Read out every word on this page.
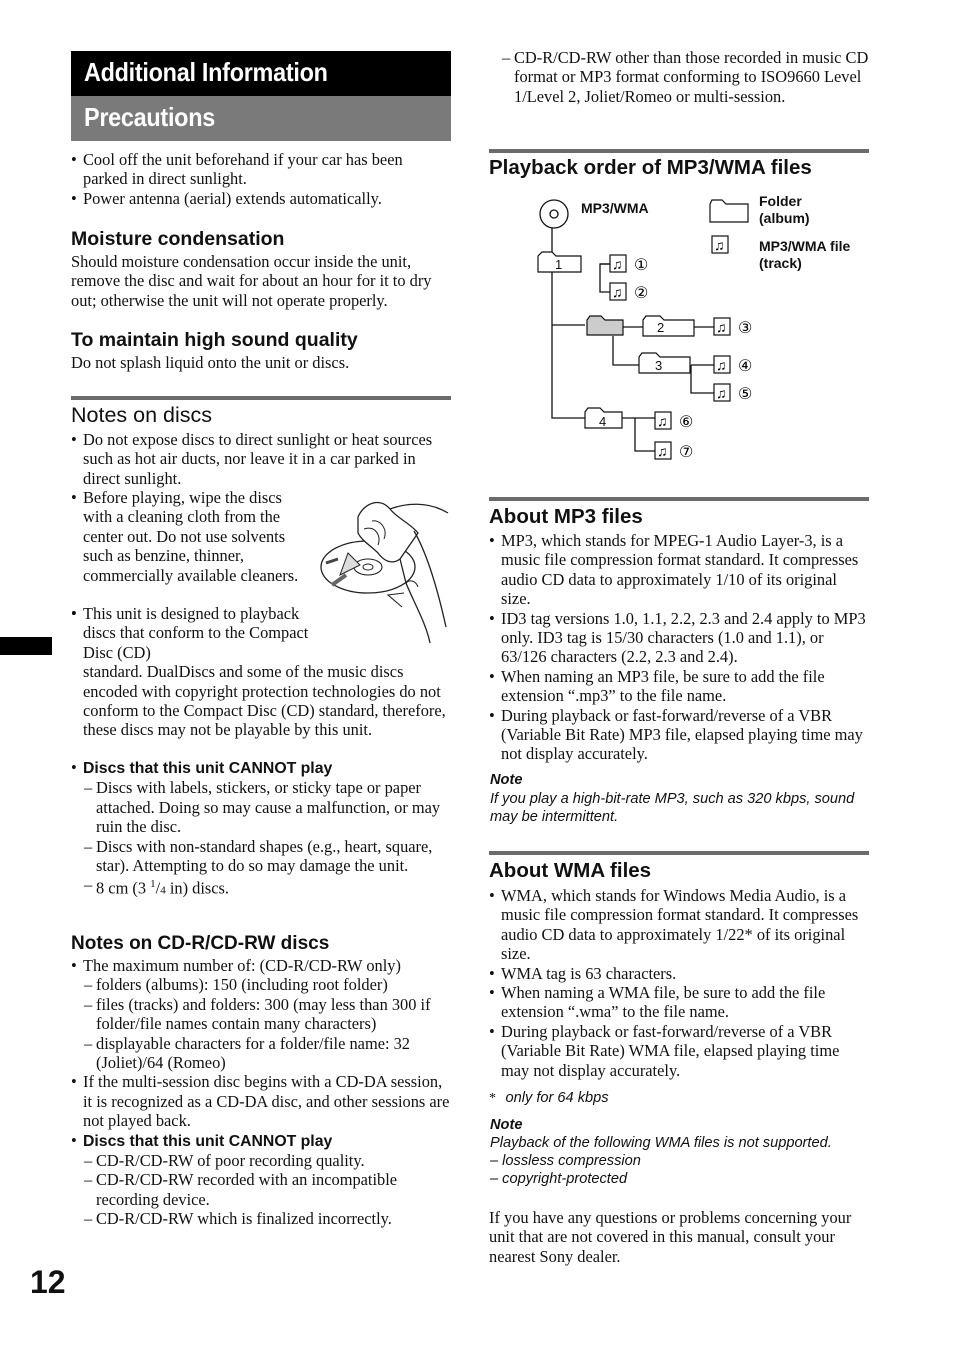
Additional Information
Precautions
12
• Cool off the unit beforehand if your car has been parked in direct sunlight.
• Power antenna (aerial) extends automatically.
Moisture condensation
Should moisture condensation occur inside the unit, remove the disc and wait for about an hour for it to dry out; otherwise the unit will not operate properly.
To maintain high sound quality
Do not splash liquid onto the unit or discs.
Notes on discs
• Do not expose discs to direct sunlight or heat sources such as hot air ducts, nor leave it in a car parked in direct sunlight.
• Before playing, wipe the discs with a cleaning cloth from the center out. Do not use solvents such as benzine, thinner, commercially available cleaners.
•
This unit is designed to playback discs that conform to the Compact Disc (CD)
standard. DualDiscs and some of the music discs encoded with copyright protection technologies do not conform to the Compact Disc (CD) standard, therefore, these discs may not be playable by this unit.
•
• Discs that this unit CANNOT play
– Discs with labels, stickers, or sticky tape or paper attached. Doing so may cause a malfunction, or may ruin the disc.
– Discs with non-standard shapes (e.g., heart, square, star). Attempting to do so may damage the unit.
– 8 cm (3 $^1$/4 in) discs.
Notes on CD-R/CD-RW discs
• The maximum number of: (CD-R/CD-RW only)
– folders (albums): 150 (including root folder)
– files (tracks) and folders: 300 (may less than 300 if folder/file names contain many characters)
– displayable characters for a folder/file name: 32 (Joliet)/64 (Romeo)
• If the multi-session disc begins with a CD-DA session, it is recognized as a CD-DA disc, and other sessions are not played back.
• Discs that this unit CANNOT play
– CD-R/CD-RW of poor recording quality.
– CD-R/CD-RW recorded with an incompatible recording device.
– CD-R/CD-RW which is finalized incorrectly.
– CD-R/CD-RW other than those recorded in music CD format or MP3 format conforming to ISO9660 Level 1/Level 2, Joliet/Romeo or multi-session.
Playback order of MP3/WMA files
♫ ①
♫ ②
♫ ③
♫ ④
♫ ⑤
♫ ⑥
♫ ⑦
♫
1
2
3
4
MP3/WMA	Folder
(album)
MP3/WMA file
(track)
About MP3 files
• MP3, which stands for MPEG-1 Audio Layer-3, is a music file compression format standard. It compresses audio CD data to approximately 1/10 of its original size.
• ID3 tag versions 1.0, 1.1, 2.2, 2.3 and 2.4 apply to MP3 only. ID3 tag is 15/30 characters (1.0 and 1.1), or 63/126 characters (2.2, 2.3 and 2.4).
• When naming an MP3 file, be sure to add the file extension “.mp3” to the file name.
• During playback or fast-forward/reverse of a VBR (Variable Bit Rate) MP3 file, elapsed playing time may not display accurately.
Note
If you play a high-bit-rate MP3, such as 320 kbps, sound may be intermittent.
About WMA files
• WMA, which stands for Windows Media Audio, is a music file compression format standard. It compresses audio CD data to approximately 1/22* of its original size.
• WMA tag is 63 characters.
• When naming a WMA file, be sure to add the file extension “.wma” to the file name.
• During playback or fast-forward/reverse of a VBR (Variable Bit Rate) WMA file, elapsed playing time may not display accurately.
* only for 64 kbps
Note
Playback of the following WMA files is not supported.
– lossless compression
– copyright-protected
If you have any questions or problems concerning your unit that are not covered in this manual, consult your nearest Sony dealer.
